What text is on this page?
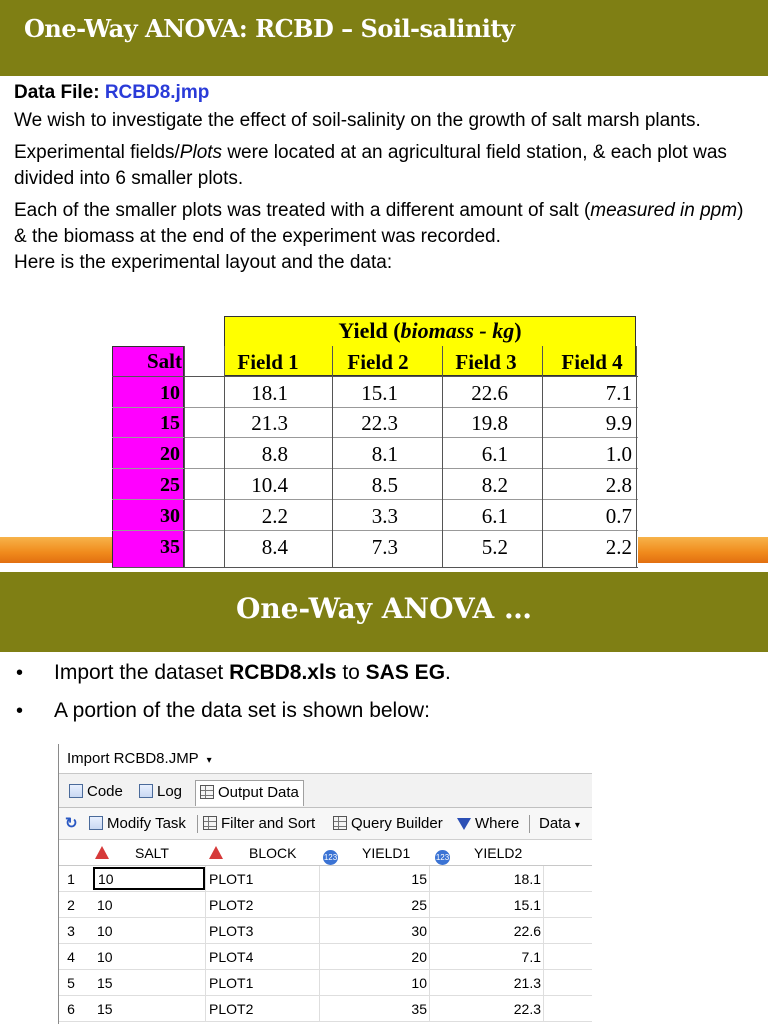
One-Way ANOVA: RCBD – Soil-salinity
Data File: RCBD8.jmp
We wish to investigate the effect of soil-salinity on the growth of salt marsh plants.
Experimental fields/Plots were located at an agricultural field station, & each plot was divided into 6 smaller plots.
Each of the smaller plots was treated with a different amount of salt (measured in ppm) & the biomass at the end of the experiment was recorded.
Here is the experimental layout and the data:
Yield (biomass - kg)
Salt	Field 1	Field 2	Field 3	Field 4
10	18.1	15.1	22.6	7.1
15	21.3	22.3	19.8	9.9
20	8.8	8.1	6.1	1.0
25	10.4	8.5	8.2	2.8
30	2.2	3.3	6.1	0.7
35	8.4	7.3	5.2	2.2
One-Way ANOVA …
• Import the dataset RCBD8.xls to SAS EG.
• A portion of the data set is shown below:
Import RCBD8.JMP ▾
Code	Log	Output Data
↻	Modify Task	Filter and Sort	Query Builder	Where Data ▾
SALT	BLOCK	123 YIELD1	123 YIELD2
1	10	PLOT1	15	18.1
2	10	PLOT2	25	15.1
3	10	PLOT3	30	22.6
4	10	PLOT4	20	7.1
5	15	PLOT1	10	21.3
6	15	PLOT2	35	22.3
